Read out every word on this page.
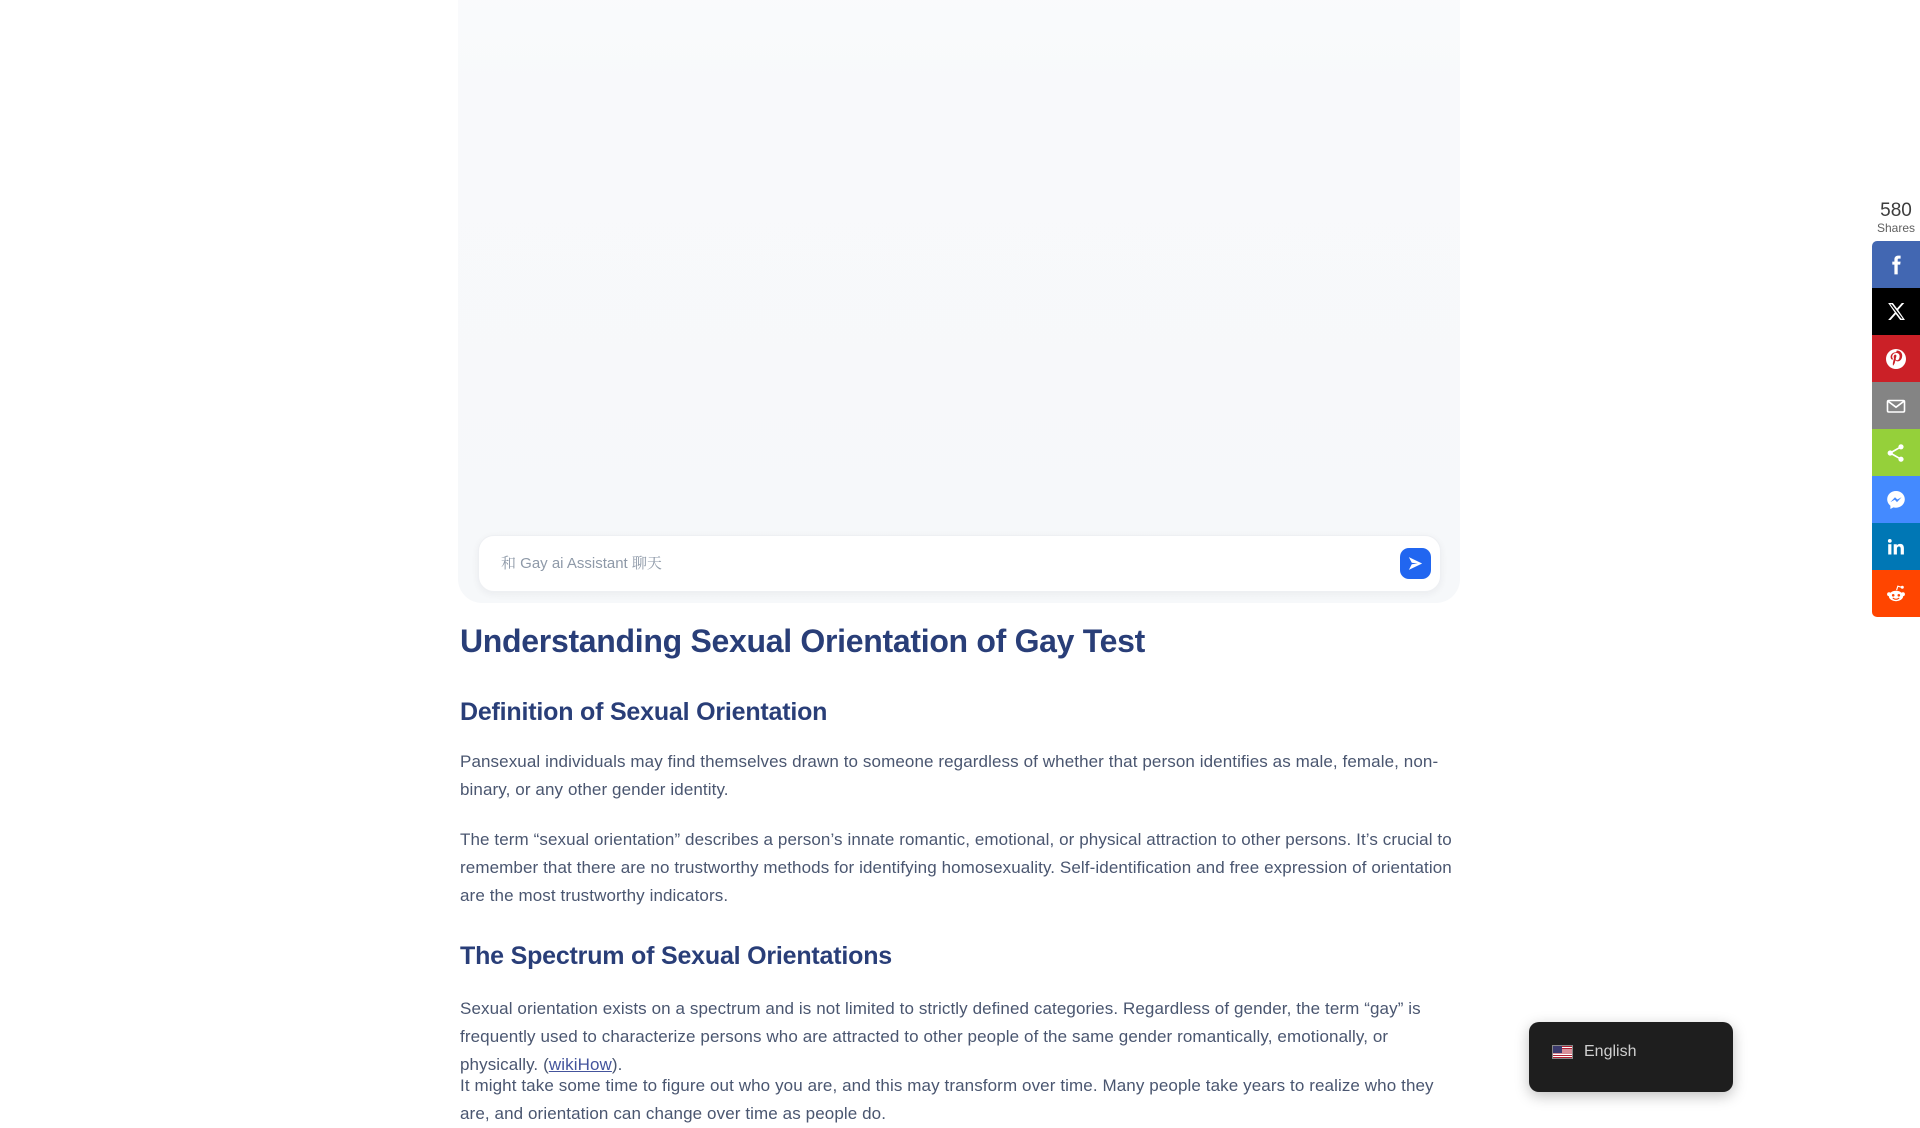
和 Gay ai Assistant 聊天
Understanding Sexual Orientation of Gay Test
Definition of Sexual Orientation

Pansexual individuals may find themselves drawn to someone regardless of whether that person identifies as male, female, non-binary, or any other gender identity.

The term “sexual orientation” describes a person’s innate romantic, emotional, or physical attraction to other persons. It’s crucial to remember that there are no trustworthy methods for identifying homosexuality. Self-identification and free expression of orientation are the most trustworthy indicators.

The Spectrum of Sexual Orientations

Sexual orientation exists on a spectrum and is not limited to strictly defined categories. Regardless of gender, the term “gay” is frequently used to characterize persons who are attracted to other people of the same gender romantically, emotionally, or physically. (wikiHow).

It might take some time to figure out who you are, and this may transform over time. Many people take years to realize who they are, and orientation can change over time as people do.

580
Shares
English
